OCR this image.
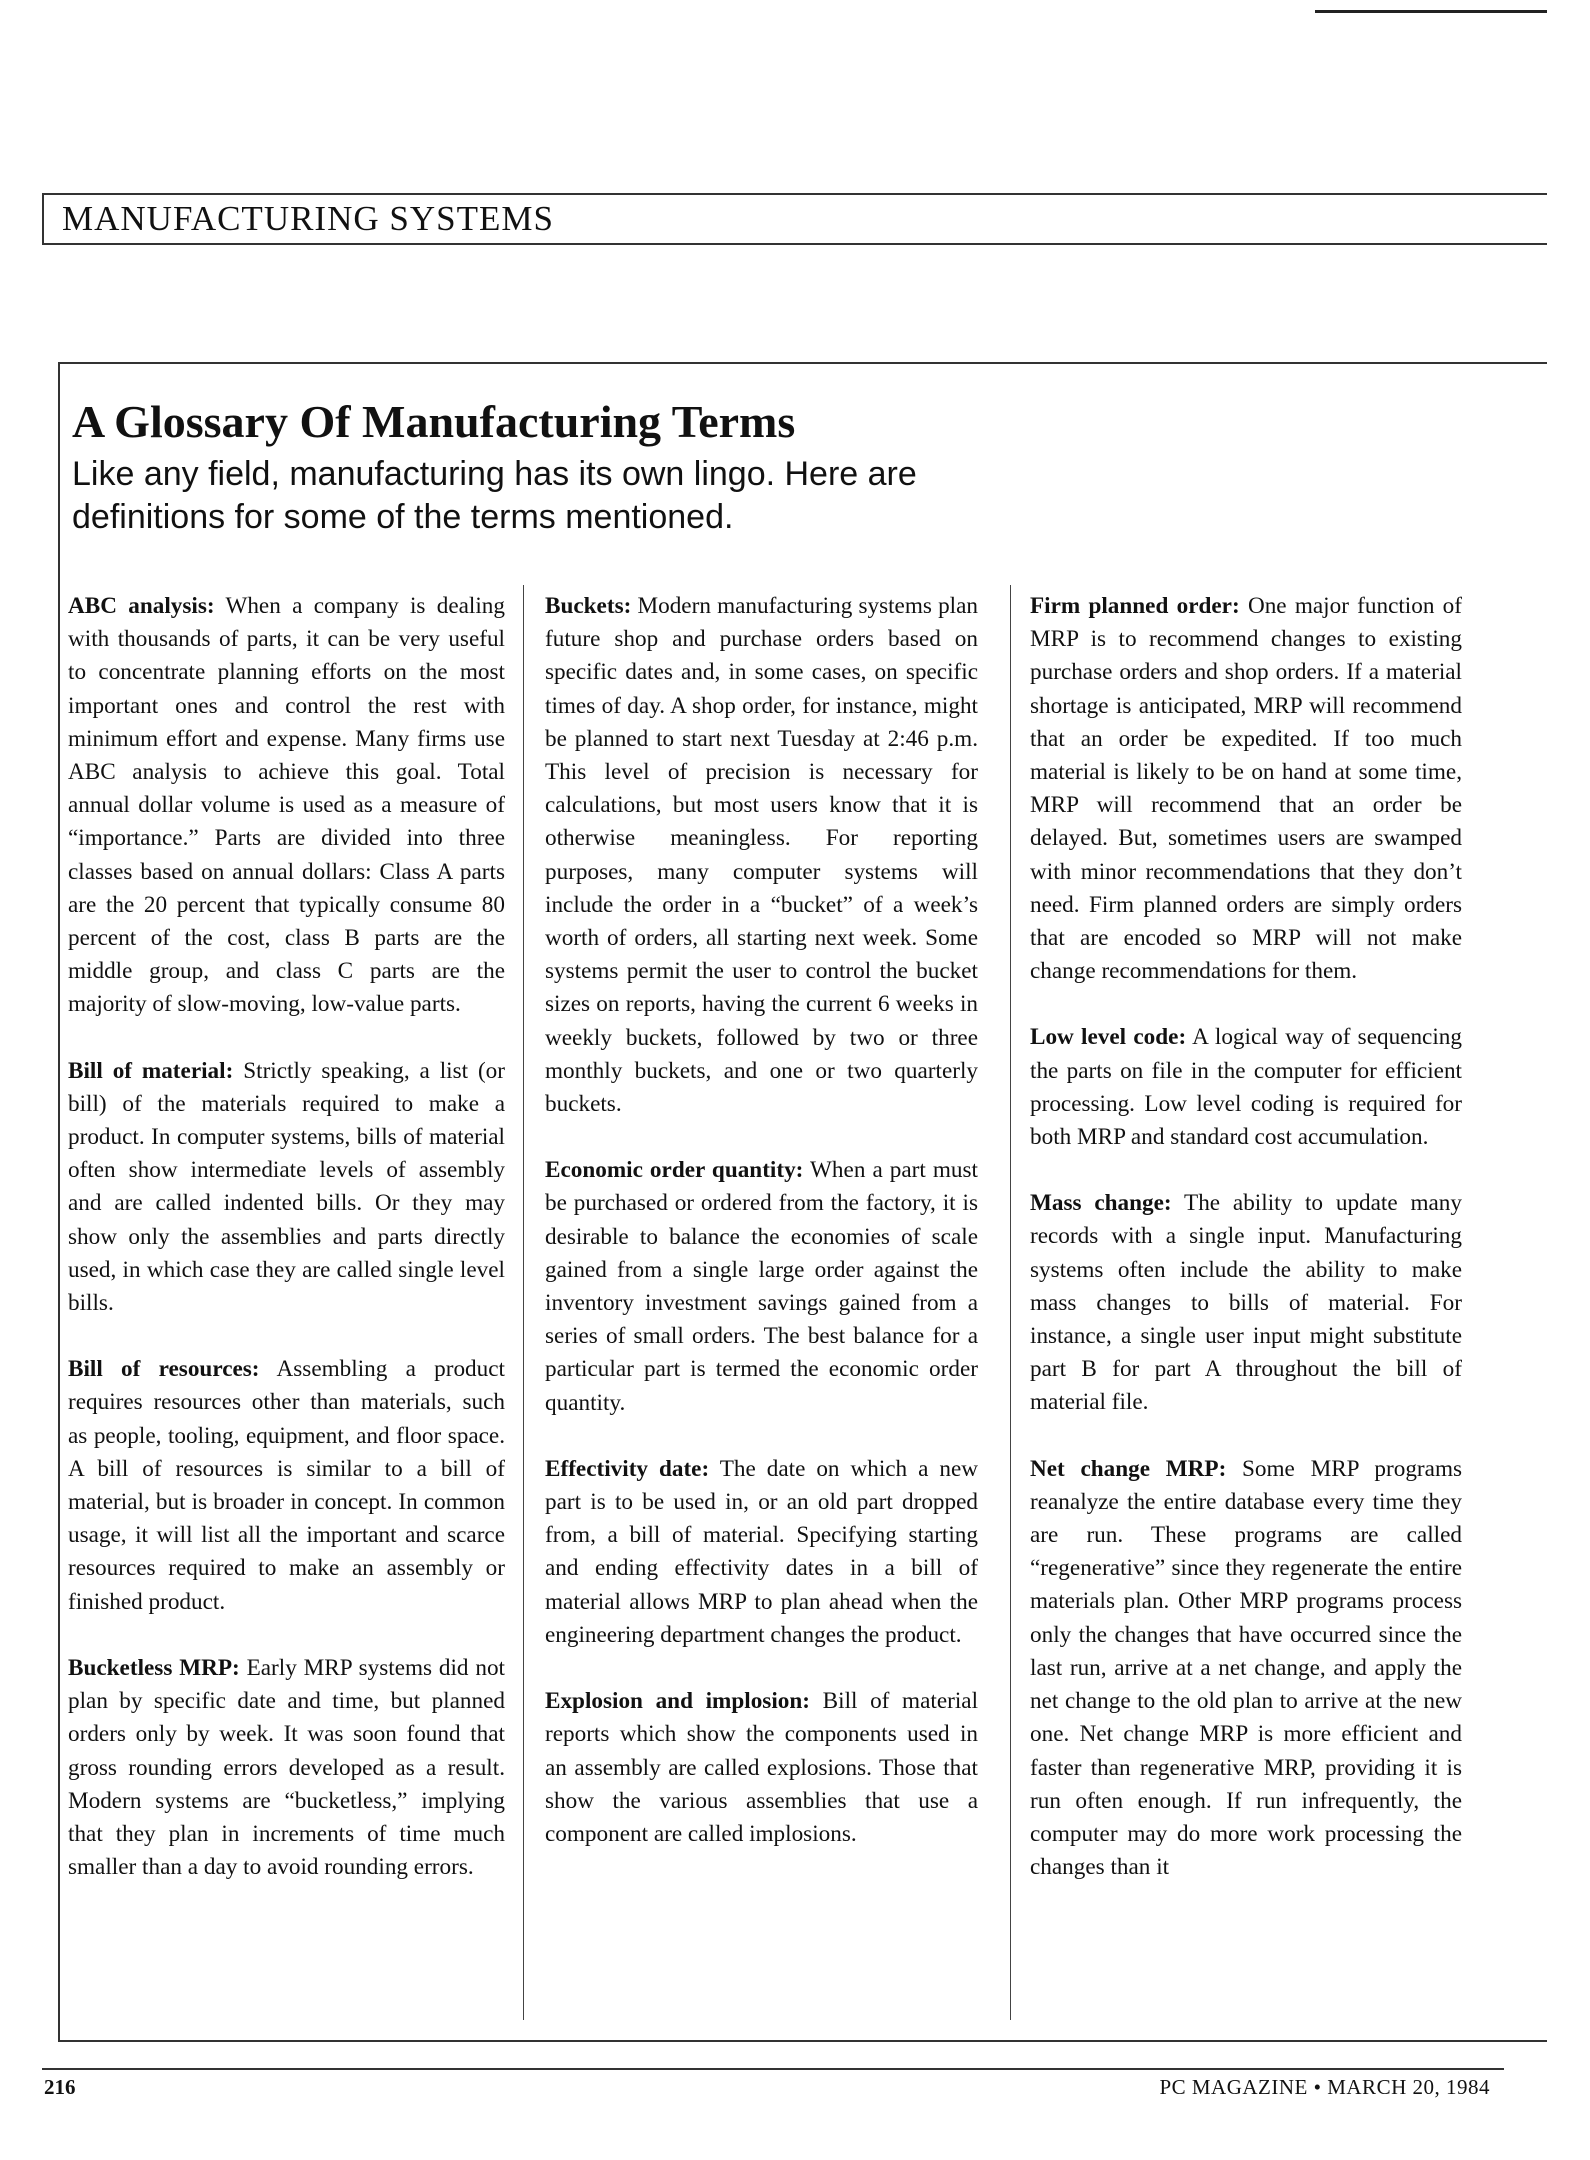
MANUFACTURING SYSTEMS
A Glossary Of Manufacturing Terms
Like any field, manufacturing has its own lingo. Here are definitions for some of the terms mentioned.

ABC analysis: When a company is dealing with thousands of parts, it can be very useful to concentrate planning efforts on the most important ones and control the rest with minimum effort and expense. Many firms use ABC analysis to achieve this goal. Total annual dollar volume is used as a measure of “importance.” Parts are divided into three classes based on annual dollars: Class A parts are the 20 percent that typically consume 80 percent of the cost, class B parts are the middle group, and class C parts are the majority of slow-moving, low-value parts.

Bill of material: Strictly speaking, a list (or bill) of the materials required to make a product. In computer systems, bills of material often show intermediate levels of assembly and are called indented bills. Or they may show only the assemblies and parts directly used, in which case they are called single level bills.

Bill of resources: Assembling a product requires resources other than materials, such as people, tooling, equipment, and floor space. A bill of resources is similar to a bill of material, but is broader in concept. In common usage, it will list all the important and scarce resources required to make an assembly or finished product.

Bucketless MRP: Early MRP systems did not plan by specific date and time, but planned orders only by week. It was soon found that gross rounding errors developed as a result. Modern systems are “bucketless,” implying that they plan in increments of time much smaller than a day to avoid rounding errors.

Buckets: Modern manufacturing systems plan future shop and purchase orders based on specific dates and, in some cases, on specific times of day. A shop order, for instance, might be planned to start next Tuesday at 2:46 p.m. This level of precision is necessary for calculations, but most users know that it is otherwise meaningless. For reporting purposes, many computer systems will include the order in a “bucket” of a week’s worth of orders, all starting next week. Some systems permit the user to control the bucket sizes on reports, having the current 6 weeks in weekly buckets, followed by two or three monthly buckets, and one or two quarterly buckets.

Economic order quantity: When a part must be purchased or ordered from the factory, it is desirable to balance the economies of scale gained from a single large order against the inventory investment savings gained from a series of small orders. The best balance for a particular part is termed the economic order quantity.

Effectivity date: The date on which a new part is to be used in, or an old part dropped from, a bill of material. Specifying starting and ending effectivity dates in a bill of material allows MRP to plan ahead when the engineering department changes the product.

Explosion and implosion: Bill of material reports which show the components used in an assembly are called explosions. Those that show the various assemblies that use a component are called implosions.

Firm planned order: One major function of MRP is to recommend changes to existing purchase orders and shop orders. If a material shortage is anticipated, MRP will recommend that an order be expedited. If too much material is likely to be on hand at some time, MRP will recommend that an order be delayed. But, sometimes users are swamped with minor recommendations that they don’t need. Firm planned orders are simply orders that are encoded so MRP will not make change recommendations for them.

Low level code: A logical way of sequencing the parts on file in the computer for efficient processing. Low level coding is required for both MRP and standard cost accumulation.

Mass change: The ability to update many records with a single input. Manufacturing systems often include the ability to make mass changes to bills of material. For instance, a single user input might substitute part B for part A throughout the bill of material file.

Net change MRP: Some MRP programs reanalyze the entire database every time they are run. These programs are called “regenerative” since they regenerate the entire materials plan. Other MRP programs process only the changes that have occurred since the last run, arrive at a net change, and apply the net change to the old plan to arrive at the new one. Net change MRP is more efficient and faster than regenerative MRP, providing it is run often enough. If run infrequently, the computer may do more work processing the changes than it

216	PC MAGAZINE • MARCH 20, 1984
